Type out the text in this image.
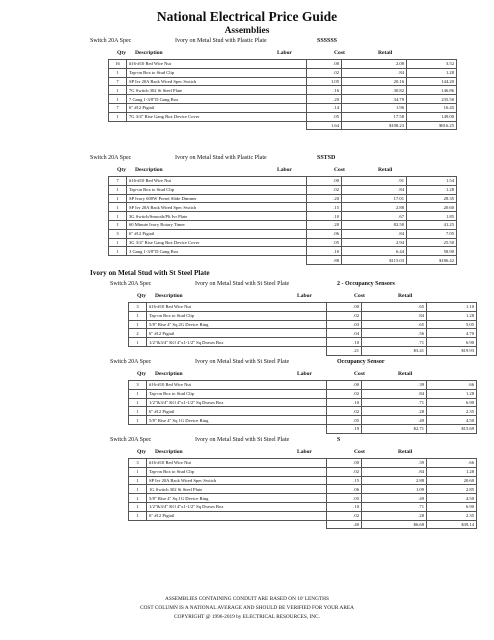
National Electrical Price Guide
Assemblies
Ivory on Metal Stud with St Steel Plate
ASSEMBLIES CONTAINING CONDUIT ARE BASED ON 10' LENGTHS
COST COLUMN IS A NATIONAL AVERAGE AND SHOULD BE VERIFIED FOR YOUR AREA
COPYRIGHT @ 1996-2019 by ELECTRICAL RESOURCES, INC.
Switch 20A Spec	Ivory on Metal Stud with Plastic Plate	SSSSSS
Qty Description	Labor	Cost	Retail
16	#16-#10 Red Wire Nut	.00	2.08	3.52
1	Tap-on Box to Stud Clip	.02	.84	1.28
7	SP Ivr 20A Back Wired Spec Switch	1.05	20.16	144.20
1	7G Switch 302 St Steel Plate	.16	30.82	146.86
1	7 Gang 1-3/8"D Gang Box	.20	34.79	235.50
7	6" #12 Pigtail	.14	1.96	16.45
1	7G 3/4" Rise Gang Box Device Cover	.05	17.58	149.00
		1.64	$108.23	$816.25
Switch 20A Spec	Ivory on Metal Stud with Plastic Plate	SSTSD
Qty Description	Labor	Cost	Retail
7	#16-#10 Red Wire Nut	.00	.91	1.54
1	Tap-on Box to Stud Clip	.02	.84	1.28
1	SP Ivory 600W Preset Slide Dimmer	.20	17.01	28.35
1	SP Ivr 20A Back Wired Spec Switch	.15	2.88	20.60
1	3G Switch/Smooth/Plt Ivr Plate	.10	.67	1.85
1	60 Minute Ivory Rotary Timer	.20	82.50	41.25
3	6" #12 Pigtail	.06	.84	7.05
1	3G 3/4" Rise Gang Box Device Cover	.05	2.94	25.50
1	3 Gang 1-3/8"D Gang Box	.10	6.44	58.90
		.88	$115.03	$186.42
Switch 20A Spec	Ivory on Metal Stud with St Steel Plate	2 - Occupancy Sensors
Qty Description	Labor	Cost	Retail
3	#16-#10 Red Wire Nut	.00	.65	1.10
1	Tap-on Box to Stud Clip	.02	.84	1.28
1	5/8" Rise 4" Sq 2G Device Ring	.03	.65	5.05
2	6" #12 Pigtail	.04	.56	4.70
1	1/2"&3/4" KO 4"x1-1/2" Sq Drawn Box	.10	.71	6.90
		.21	$3.41	$19.93
Switch 20A Spec	Ivory on Metal Stud with St Steel Plate	Occupancy Sensor
Qty Description	Labor	Cost	Retail
3	#16-#10 Red Wire Nut	.00	.39	.66
1	Tap-on Box to Stud Clip	.02	.84	1.28
1	1/2"&3/4" KO 4"x1-1/2" Sq Drawn Box	.10	.71	6.90
1	6" #12 Pigtail	.02	.28	2.35
1	5/8" Rise 4" Sq 1G Device Ring	.05	.49	4.50
		.19	$2.71	$15.69
Switch 20A Spec	Ivory on Metal Stud with St Steel Plate	S
Qty Description	Labor	Cost	Retail
3	#16-#10 Red Wire Nut	.00	.39	.66
1	Tap-on Box to Stud Clip	.02	.84	1.28
1	SP Ivr 20A Back Wired Spec Switch	.15	2.88	20.60
1	1G Switch 302 St Steel Plate	.06	1.09	2.85
1	5/8" Rise 4" Sq 1G Device Ring	.05	.49	4.50
1	1/2"&3/4" KO 4"x1-1/2" Sq Drawn Box	.10	.71	6.90
1	6" #12 Pigtail	.02	.28	2.35
		.40	$6.68	$39.14
